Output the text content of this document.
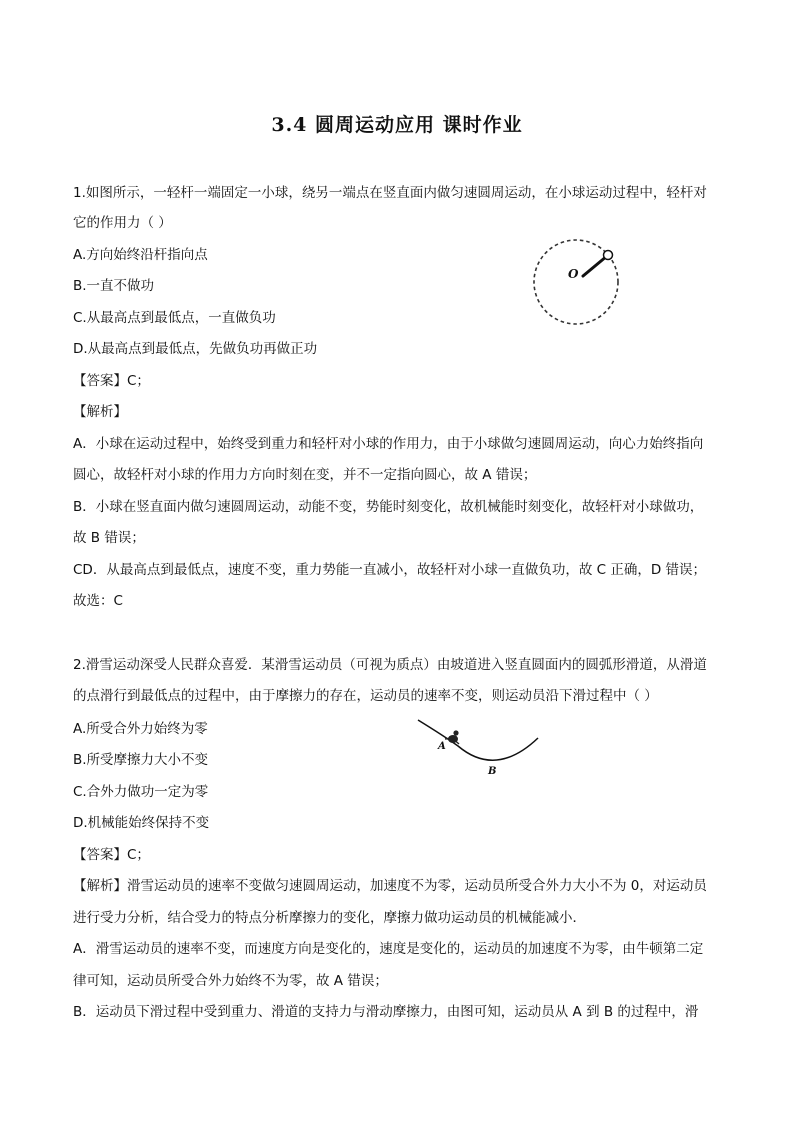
3.4 圆周运动应用 课时作业
1.如图所示，一轻杆一端固定一小球，绕另一端点在竖直面内做匀速圆周运动，在小球运动过程中，轻杆对
它的作用力（ ）
A.方向始终沿杆指向点
B.一直不做功
C.从最高点到最低点，一直做负功
D.从最高点到最低点，先做负功再做正功
O
【答案】C；
【解析】
A．小球在运动过程中，始终受到重力和轻杆对小球的作用力，由于小球做匀速圆周运动，向心力始终指向
圆心，故轻杆对小球的作用力方向时刻在变，并不一定指向圆心，故 A 错误；
B．小球在竖直面内做匀速圆周运动，动能不变，势能时刻变化，故机械能时刻变化，故轻杆对小球做功，
故 B 错误；
CD．从最高点到最低点，速度不变，重力势能一直减小，故轻杆对小球一直做负功，故 C 正确，D 错误；
故选：C
2.滑雪运动深受人民群众喜爱．某滑雪运动员（可视为质点）由坡道进入竖直圆面内的圆弧形滑道，从滑道
的点滑行到最低点的过程中，由于摩擦力的存在，运动员的速率不变，则运动员沿下滑过程中（ ）
A.所受合外力始终为零
B.所受摩擦力大小不变
C.合外力做功一定为零
D.机械能始终保持不变
A
B
【答案】C；
【解析】滑雪运动员的速率不变做匀速圆周运动，加速度不为零，运动员所受合外力大小不为 0，对运动员
进行受力分析，结合受力的特点分析摩擦力的变化，摩擦力做功运动员的机械能减小．
A．滑雪运动员的速率不变，而速度方向是变化的，速度是变化的，运动员的加速度不为零，由牛顿第二定
律可知，运动员所受合外力始终不为零，故 A 错误；
B．运动员下滑过程中受到重力、滑道的支持力与滑动摩擦力，由图可知，运动员从 A 到 B 的过程中，滑
